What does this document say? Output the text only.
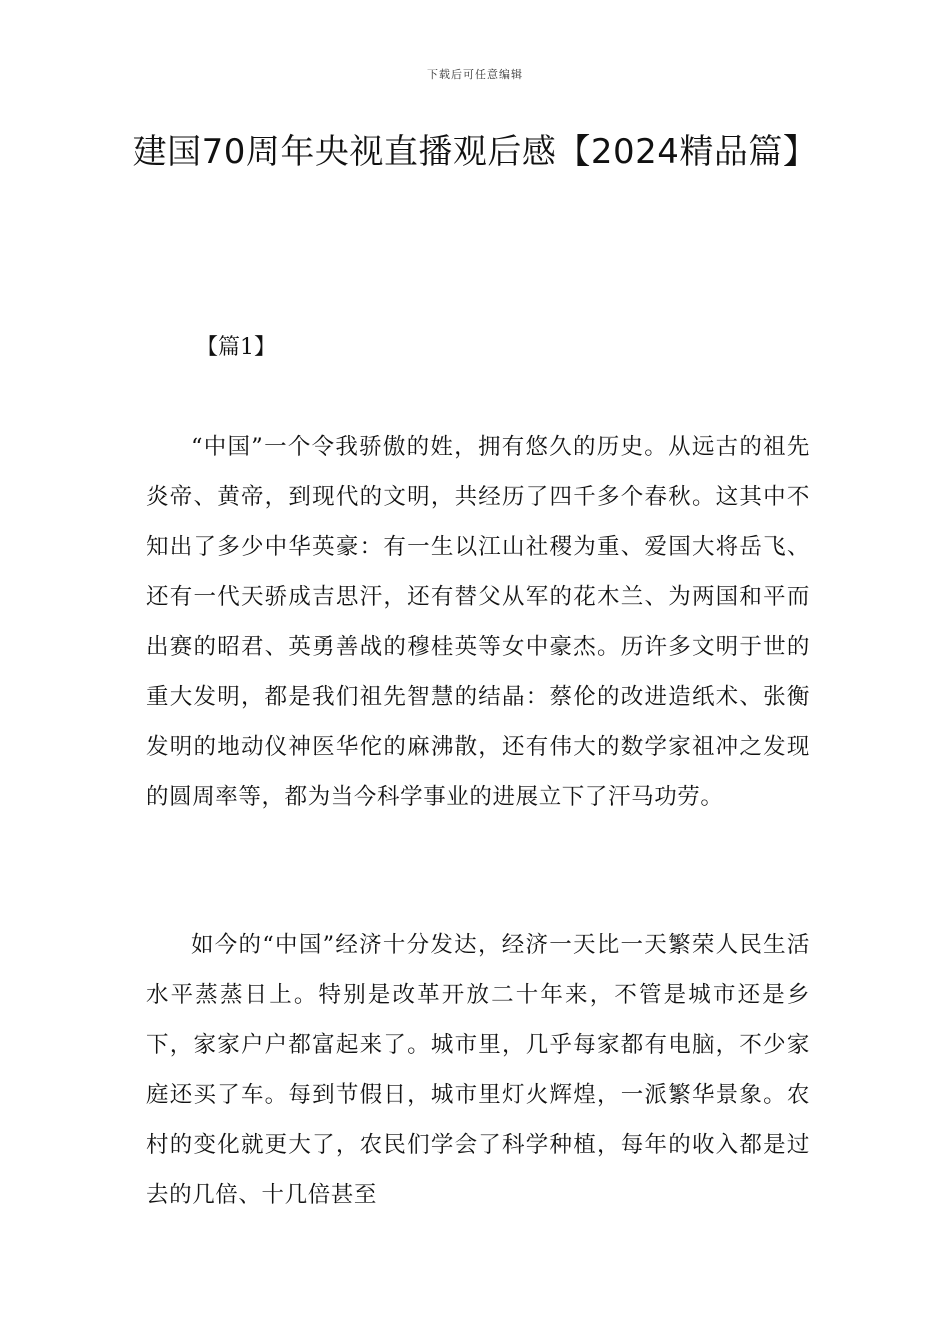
下载后可任意编辑
建国70周年央视直播观后感【2024精品篇】

【篇1】

“中国”一个令我骄傲的姓，拥有悠久的历史。从远古的祖先炎帝、黄帝，到现代的文明，共经历了四千多个春秋。这其中不知出了多少中华英豪：有一生以江山社稷为重、爱国大将岳飞、还有一代天骄成吉思汗，还有替父从军的花木兰、为两国和平而出赛的昭君、英勇善战的穆桂英等女中豪杰。历许多文明于世的重大发明，都是我们祖先智慧的结晶：蔡伦的改进造纸术、张衡发明的地动仪神医华佗的麻沸散，还有伟大的数学家祖冲之发现的圆周率等，都为当今科学事业的进展立下了汗马功劳。

如今的“中国”经济十分发达，经济一天比一天繁荣人民生活水平蒸蒸日上。特别是改革开放二十年来，不管是城市还是乡下，家家户户都富起来了。城市里，几乎每家都有电脑，不少家庭还买了车。每到节假日，城市里灯火辉煌，一派繁华景象。农村的变化就更大了，农民们学会了科学种植，每年的收入都是过去的几倍、十几倍甚至
